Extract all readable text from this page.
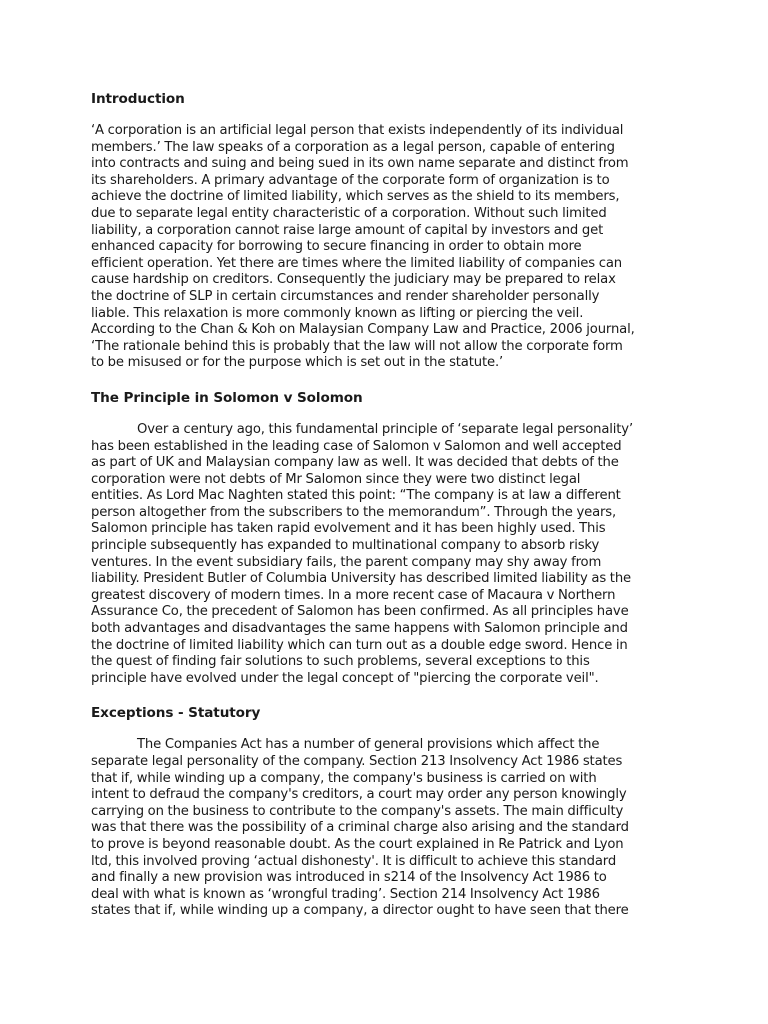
Introduction
‘A corporation is an artificial legal person that exists independently of its individual
members.’ The law speaks of a corporation as a legal person, capable of entering
into contracts and suing and being sued in its own name separate and distinct from
its shareholders. A primary advantage of the corporate form of organization is to
achieve the doctrine of limited liability, which serves as the shield to its members,
due to separate legal entity characteristic of a corporation. Without such limited
liability, a corporation cannot raise large amount of capital by investors and get
enhanced capacity for borrowing to secure financing in order to obtain more
efficient operation. Yet there are times where the limited liability of companies can
cause hardship on creditors. Consequently the judiciary may be prepared to relax
the doctrine of SLP in certain circumstances and render shareholder personally
liable. This relaxation is more commonly known as lifting or piercing the veil.
According to the Chan & Koh on Malaysian Company Law and Practice, 2006 journal,
‘The rationale behind this is probably that the law will not allow the corporate form
to be misused or for the purpose which is set out in the statute.’
The Principle in Solomon v Solomon
Over a century ago, this fundamental principle of ‘separate legal personality’
has been established in the leading case of Salomon v Salomon and well accepted
as part of UK and Malaysian company law as well. It was decided that debts of the
corporation were not debts of Mr Salomon since they were two distinct legal
entities. As Lord Mac Naghten stated this point: “The company is at law a different
person altogether from the subscribers to the memorandum”. Through the years,
Salomon principle has taken rapid evolvement and it has been highly used. This
principle subsequently has expanded to multinational company to absorb risky
ventures. In the event subsidiary fails, the parent company may shy away from
liability. President Butler of Columbia University has described limited liability as the
greatest discovery of modern times. In a more recent case of Macaura v Northern
Assurance Co, the precedent of Salomon has been confirmed. As all principles have
both advantages and disadvantages the same happens with Salomon principle and
the doctrine of limited liability which can turn out as a double edge sword. Hence in
the quest of finding fair solutions to such problems, several exceptions to this
principle have evolved under the legal concept of "piercing the corporate veil".
Exceptions - Statutory
The Companies Act has a number of general provisions which affect the
separate legal personality of the company. Section 213 Insolvency Act 1986 states
that if, while winding up a company, the company's business is carried on with
intent to defraud the company's creditors, a court may order any person knowingly
carrying on the business to contribute to the company's assets. The main difficulty
was that there was the possibility of a criminal charge also arising and the standard
to prove is beyond reasonable doubt. As the court explained in Re Patrick and Lyon
ltd, this involved proving ‘actual dishonesty'. It is difficult to achieve this standard
and finally a new provision was introduced in s214 of the Insolvency Act 1986 to
deal with what is known as ‘wrongful trading’. Section 214 Insolvency Act 1986
states that if, while winding up a company, a director ought to have seen that there
